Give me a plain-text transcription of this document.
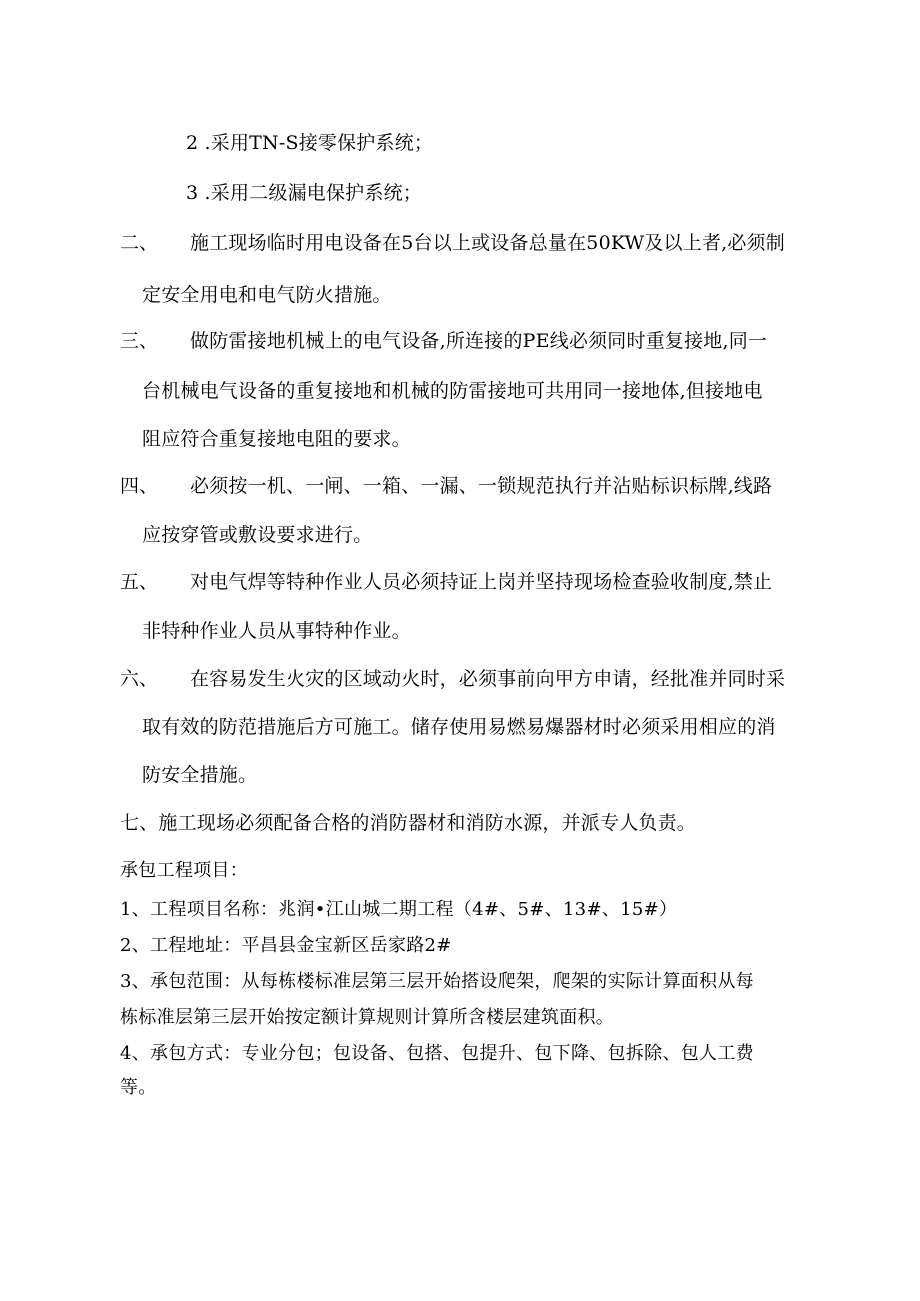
2 .采用TN-S接零保护系统；
3 .采用二级漏电保护系统；
二、 施工现场临时用电设备在5台以上或设备总量在50KW及以上者,必须制
定安全用电和电气防火措施。
三、 做防雷接地机械上的电气设备,所连接的PE线必须同时重复接地,同一
台机械电气设备的重复接地和机械的防雷接地可共用同一接地体,但接地电
阻应符合重复接地电阻的要求。
四、 必须按一机、一闸、一箱、一漏、一锁规范执行并沾贴标识标牌,线路
应按穿管或敷设要求进行。
五、 对电气焊等特种作业人员必须持证上岗并坚持现场检查验收制度,禁止
非特种作业人员从事特种作业。
六、 在容易发生火灾的区域动火时，必须事前向甲方申请，经批准并同时采
取有效的防范措施后方可施工。储存使用易燃易爆器材时必须采用相应的消
防安全措施。
七、施工现场必须配备合格的消防器材和消防水源，并派专人负责。
承包工程项目：
1、工程项目名称：兆润•江山城二期工程（4#、5#、13#、15#）
2、工程地址：平昌县金宝新区岳家路2#
3、承包范围：从每栋楼标准层第三层开始搭设爬架，爬架的实际计算面积从每
栋标准层第三层开始按定额计算规则计算所含楼层建筑面积。
4、承包方式：专业分包；包设备、包搭、包提升、包下降、包拆除、包人工费
等。
